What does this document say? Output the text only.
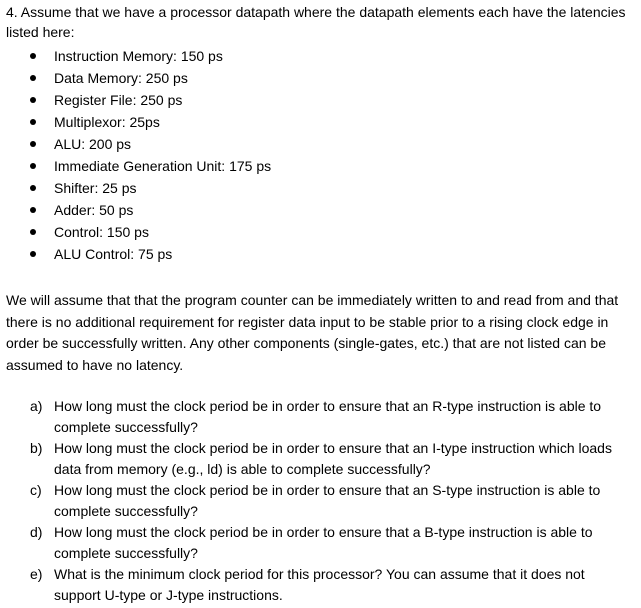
4. Assume that we have a processor datapath where the datapath elements each have the latencies listed here:

Instruction Memory: 150 ps
Data Memory: 250 ps
Register File: 250 ps
Multiplexor: 25ps
ALU: 200 ps
Immediate Generation Unit: 175 ps
Shifter: 25 ps
Adder: 50 ps
Control: 150 ps
ALU Control: 75 ps

We will assume that that the program counter can be immediately written to and read from and that there is no additional requirement for register data input to be stable prior to a rising clock edge in order be successfully written. Any other components (single-gates, etc.) that are not listed can be assumed to have no latency.

a) How long must the clock period be in order to ensure that an R-type instruction is able to complete successfully?
b) How long must the clock period be in order to ensure that an I-type instruction which loads data from memory (e.g., ld) is able to complete successfully?
c) How long must the clock period be in order to ensure that an S-type instruction is able to complete successfully?
d) How long must the clock period be in order to ensure that a B-type instruction is able to complete successfully?
e) What is the minimum clock period for this processor? You can assume that it does not support U-type or J-type instructions.
